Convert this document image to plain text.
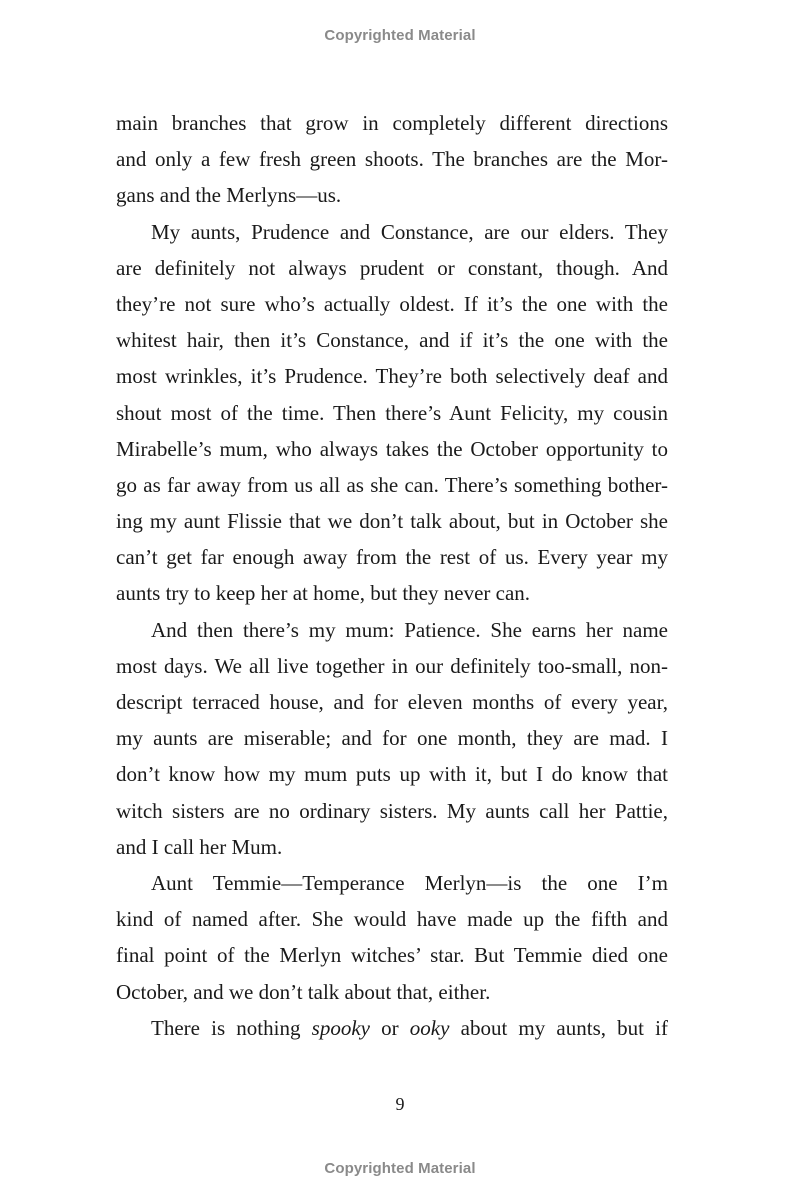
Copyrighted Material
main branches that grow in completely different directions
and only a few fresh green shoots. The branches are the Mor-
gans and the Merlyns—us.
My aunts, Prudence and Constance, are our elders. They
are definitely not always prudent or constant, though. And
they’re not sure who’s actually oldest. If it’s the one with the
whitest hair, then it’s Constance, and if it’s the one with the
most wrinkles, it’s Prudence. They’re both selectively deaf and
shout most of the time. Then there’s Aunt Felicity, my cousin
Mirabelle’s mum, who always takes the October opportunity to
go as far away from us all as she can. There’s something bother-
ing my aunt Flissie that we don’t talk about, but in October she
can’t get far enough away from the rest of us. Every year my
aunts try to keep her at home, but they never can.
And then there’s my mum: Patience. She earns her name
most days. We all live together in our definitely too-small, non-
descript terraced house, and for eleven months of every year,
my aunts are miserable; and for one month, they are mad. I
don’t know how my mum puts up with it, but I do know that
witch sisters are no ordinary sisters. My aunts call her Pattie,
and I call her Mum.
Aunt Temmie—Temperance Merlyn—is the one I’m
kind of named after. She would have made up the fifth and
final point of the Merlyn witches’ star. But Temmie died one
October, and we don’t talk about that, either.
There is nothing spooky or ooky about my aunts, but if
9
Copyrighted Material
